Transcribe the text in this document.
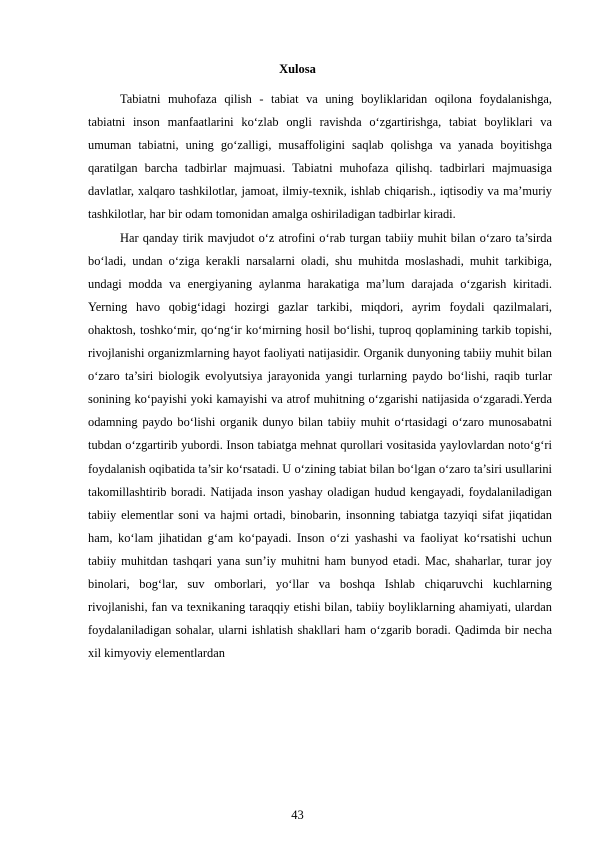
Xulosa

Tabiatni muhofaza qilish - tabiat va uning boyliklaridan oqilona foydalanishga, tabiatni inson manfaatlarini ko‘zlab ongli ravishda o‘zgartirishga, tabiat boyliklari va umuman tabiatni, uning go‘zalligi, musaffoligini saqlab qolishga va yanada boyitishga qaratilgan barcha tadbirlar majmuasi. Tabiatni muhofaza qilishq. tadbirlari majmuasiga davlatlar, xalqaro tashkilotlar, jamoat, ilmiy-texnik, ishlab chiqarish., iqtisodiy va ma’muriy tashkilotlar, har bir odam tomonidan amalga oshiriladigan tadbirlar kiradi.

Har qanday tirik mavjudot o‘z atrofini o‘rab turgan tabiiy muhit bilan o‘zaro ta’sirda bo‘ladi, undan o‘ziga kerakli narsalarni oladi, shu muhitda moslashadi, muhit tarkibiga, undagi modda va energiyaning aylanma harakatiga ma’lum darajada o‘zgarish kiritadi. Yerning havo qobig‘idagi hozirgi gazlar tarkibi, miqdori, ayrim foydali qazilmalari, ohaktosh, toshko‘mir, qo‘ng‘ir ko‘mirning hosil bo‘lishi, tuproq qoplamining tarkib topishi, rivojlanishi organizmlarning hayot faoliyati natijasidir. Organik dunyoning tabiiy muhit bilan o‘zaro ta’siri biologik evolyutsiya jarayonida yangi turlarning paydo bo‘lishi, raqib turlar sonining ko‘payishi yoki kamayishi va atrof muhitning o‘zgarishi natijasida o‘zgaradi.Yerda odamning paydo bo‘lishi organik dunyo bilan tabiiy muhit o‘rtasidagi o‘zaro munosabatni tubdan o‘zgartirib yubordi. Inson tabiatga mehnat qurollari vositasida yaylovlardan noto‘g‘ri foydalanish oqibatida ta’sir ko‘rsatadi. U o‘zining tabiat bilan bo‘lgan o‘zaro ta’siri usullarini takomillashtirib boradi. Natijada inson yashay oladigan hudud kengayadi, foydalaniladigan tabiiy elementlar soni va hajmi ortadi, binobarin, insonning tabiatga tazyiqi sifat jiqatidan ham, ko‘lam jihatidan g‘am ko‘payadi. Inson o‘zi yashashi va faoliyat ko‘rsatishi uchun tabiiy muhitdan tashqari yana sun’iy muhitni ham bunyod etadi. Mac, shaharlar, turar joy binolari, bog‘lar, suv omborlari, yo‘llar va boshqa Ishlab chiqaruvchi kuchlarning rivojlanishi, fan va texnikaning taraqqiy etishi bilan, tabiiy boyliklarning ahamiyati, ulardan foydalaniladigan sohalar, ularni ishlatish shakllari ham o‘zgarib boradi. Qadimda bir necha xil kimyoviy elementlardan

43
